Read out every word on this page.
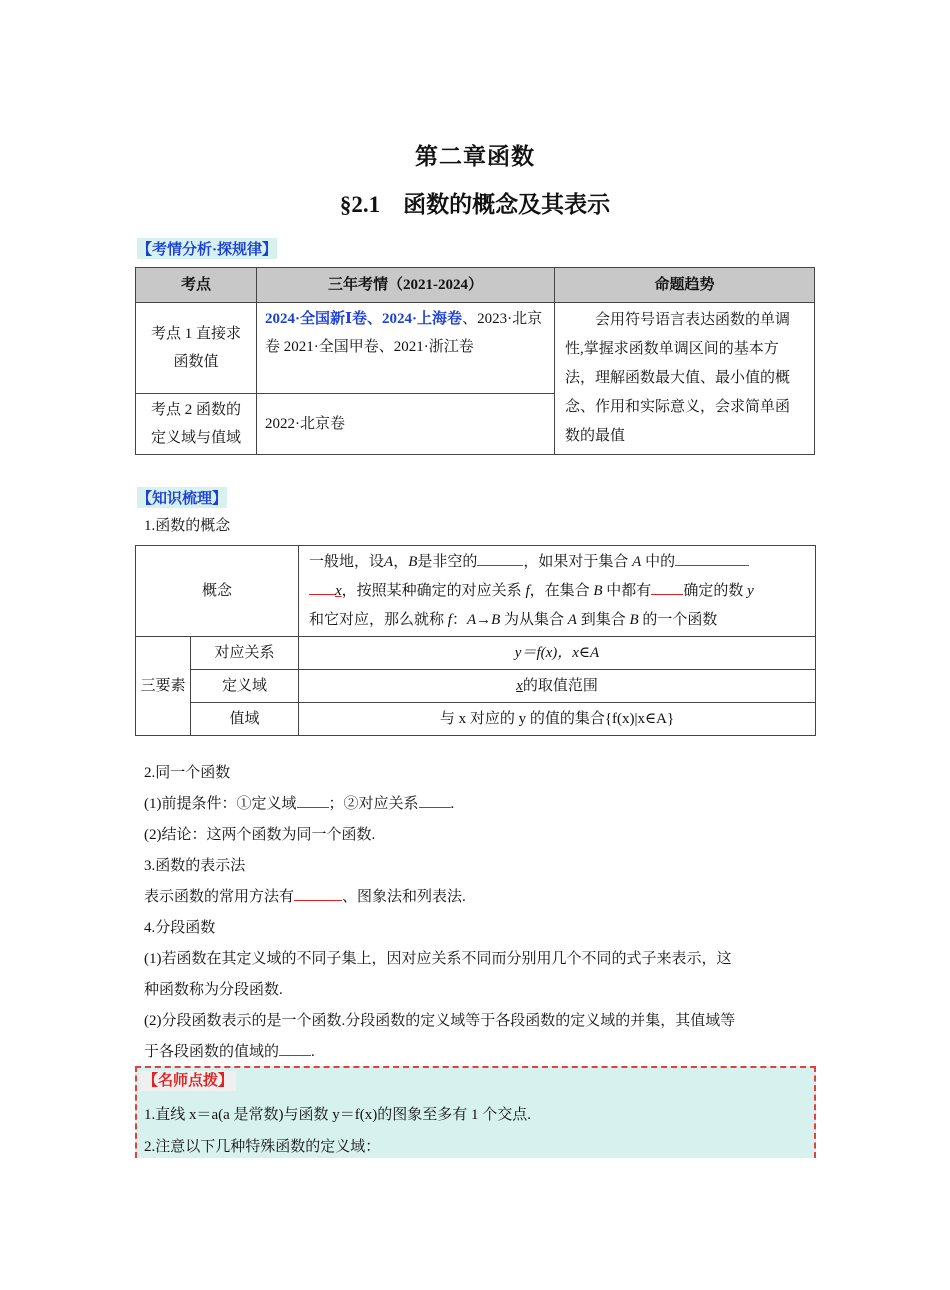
第二章函数
§2.1　函数的概念及其表示
【考情分析·探规律】
考点	三年考情（2021-2024）	命题趋势
考点 1 直接求函数值	2024·全国新Ⅰ卷、2024·上海卷、2023·北京卷 2021·全国甲卷、2021·浙江卷	会用符号语言表达函数的单调性,掌握求函数单调区间的基本方法，理解函数最大值、最小值的概念、作用和实际意义，会求简单函数的最值
考点 2 函数的定义域与值域	2022·北京卷	
【知识梳理】
1.函数的概念
概念		一般地，设A，B是非空的 ，如果对于集合 A 中的
x，按照某种确定的对应关系 f，在集合 B 中都有 确定的数 y
和它对应，那么就称 f：A→B 为从集合 A 到集合 B 的一个函数
三要素	对应关系	y＝f(x)，x∈A
	定义域	x的取值范围
	值域	与 x 对应的 y 的值的集合{f(x)|x∈A}
2.同一个函数
(1)前提条件：①定义域 ；②对应关系 .
(2)结论：这两个函数为同一个函数.
3.函数的表示法
表示函数的常用方法有	、图象法和列表法.
4.分段函数
(1)若函数在其定义域的不同子集上，因对应关系不同而分别用几个不同的式子来表示，这
种函数称为分段函数.
(2)分段函数表示的是一个函数.分段函数的定义域等于各段函数的定义域的并集，其值域等
于各段函数的值域的 .
【名师点拨】
1.直线 x＝a(a 是常数)与函数 y＝f(x)的图象至多有 1 个交点.
2.注意以下几种特殊函数的定义域：
